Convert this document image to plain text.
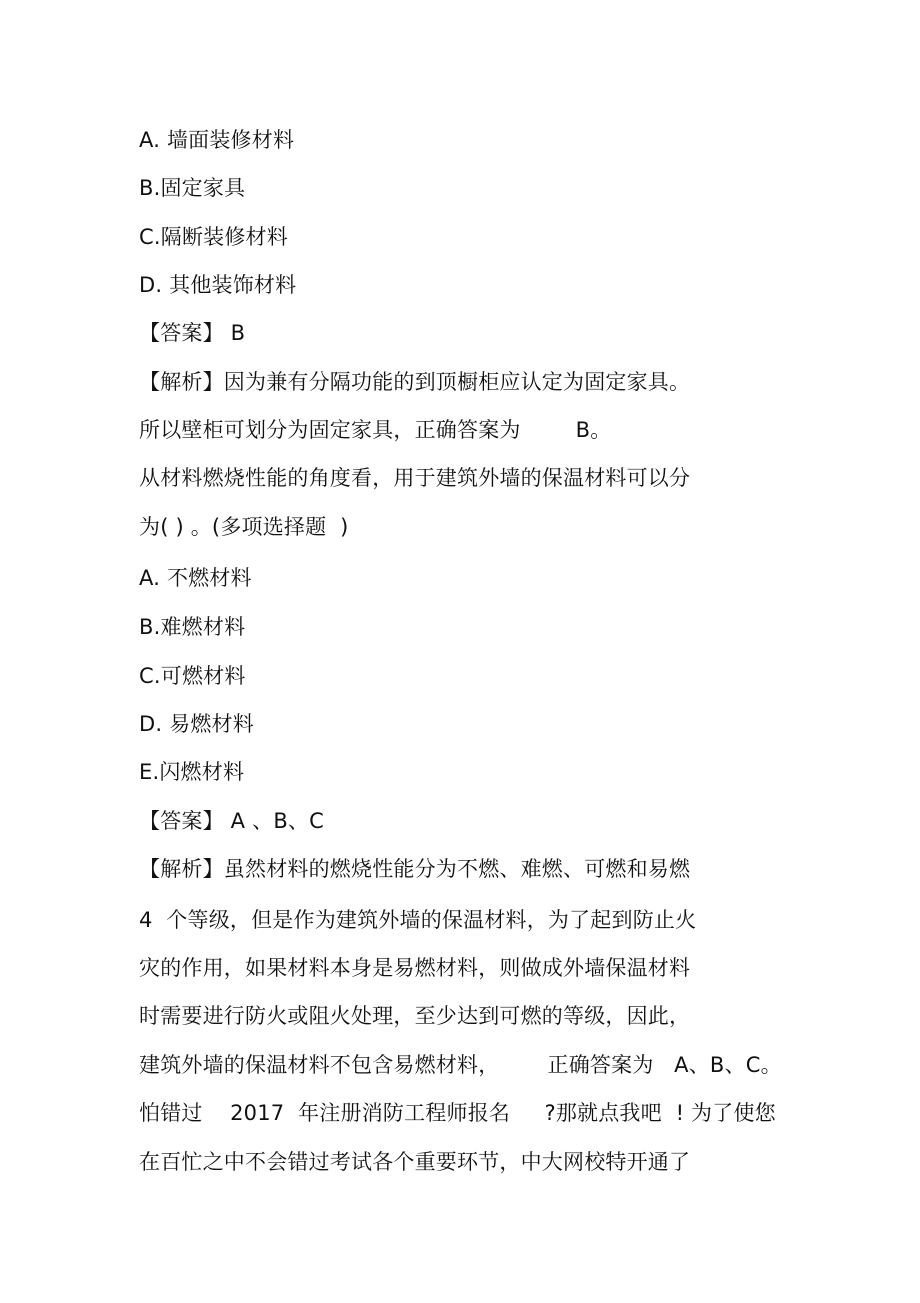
A. 墙面装修材料
B.固定家具
C.隔断装修材料
D. 其他装饰材料
【答案】 B
【解析】因为兼有分隔功能的到顶橱柜应认定为固定家具。
所以壁柜可划分为固定家具，正确答案为        B。
从材料燃烧性能的角度看，用于建筑外墙的保温材料可以分
为( ) 。(多项选择题  )
A. 不燃材料
B.难燃材料
C.可燃材料
D. 易燃材料
E.闪燃材料
【答案】 A 、B、C
【解析】虽然材料的燃烧性能分为不燃、难燃、可燃和易燃
4  个等级，但是作为建筑外墙的保温材料，为了起到防止火
灾的作用，如果材料本身是易燃材料，则做成外墙保温材料
时需要进行防火或阻火处理，至少达到可燃的等级，因此，
建筑外墙的保温材料不包含易燃材料，       正确答案为   A、B、C。
怕错过    2017  年注册消防工程师报名     ?那就点我吧  ! 为了使您
在百忙之中不会错过考试各个重要环节，中大网校特开通了
